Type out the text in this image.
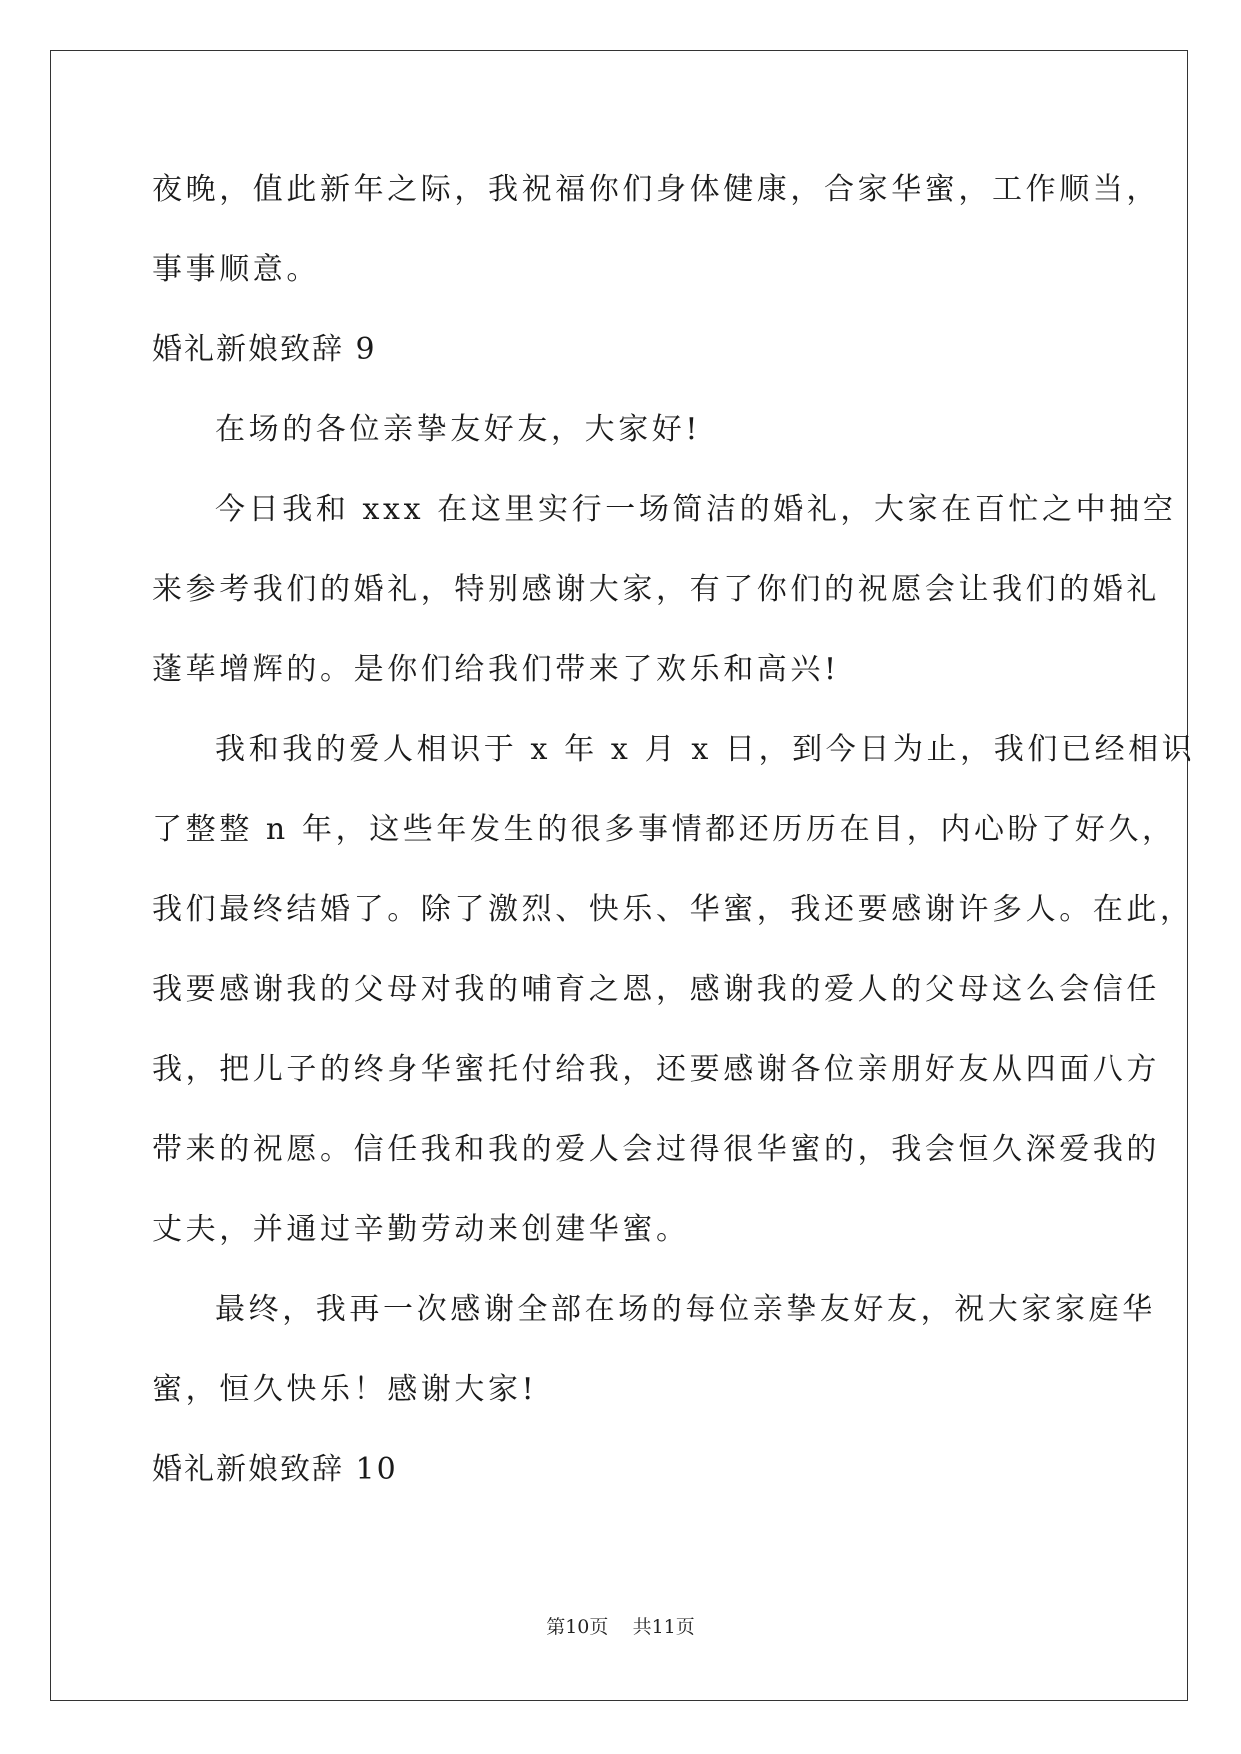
夜晚，值此新年之际，我祝福你们身体健康，合家华蜜，工作顺当，
事事顺意。
婚礼新娘致辞 9
在场的各位亲挚友好友，大家好!
今日我和 xxx 在这里实行一场简洁的婚礼，大家在百忙之中抽空
来参考我们的婚礼，特别感谢大家，有了你们的祝愿会让我们的婚礼
蓬荜增辉的。是你们给我们带来了欢乐和高兴!
我和我的爱人相识于 x 年 x 月 x 日，到今日为止，我们已经相识
了整整 n 年，这些年发生的很多事情都还历历在目，内心盼了好久，
我们最终结婚了。除了激烈、快乐、华蜜，我还要感谢许多人。在此，
我要感谢我的父母对我的哺育之恩，感谢我的爱人的父母这么会信任
我，把儿子的终身华蜜托付给我，还要感谢各位亲朋好友从四面八方
带来的祝愿。信任我和我的爱人会过得很华蜜的，我会恒久深爱我的
丈夫，并通过辛勤劳动来创建华蜜。
最终，我再一次感谢全部在场的每位亲挚友好友，祝大家家庭华
蜜，恒久快乐！感谢大家!
婚礼新娘致辞 10
第10页 共11页
